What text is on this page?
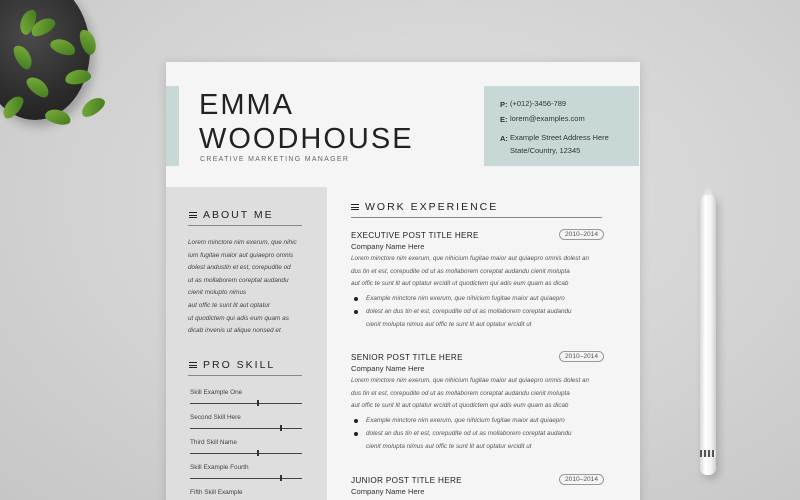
EMMA
WOODHOUSE
CREATIVE MARKETING MANAGER
P: (+012)-3456-789
E: lorem@examples.com
A: Example Street Address Here
State/Country, 12345
ABOUT ME
Lorem minctore nim exerum, que nihic
ium fugitae maior aut quiaepro omnis
dolest andustin et est, corepudite od
ut as mollaborem coreptat audandu
cienit molupto nimus
aut offic te sunt lit aut optatur
ut quodictem qui adis eum quam as
dicab invenis ut alique nonsed et
PRO SKILL
Skill Example One
Second Skill Here
Third Skill Name
Skill Example Fourth
Fifth Skill Example
WORK EXPERIENCE
EXECUTIVE POST TITLE HERE	2010–2014
Company Name Here
Lorem minctore nim exerum, que nihicium fugitae maior aut quiaepro omnis dolest an
dus tin et est, corepudite od ut as mollaborem coreptat audandu cienit molupta
aut offic te sunt lit aut optatur ercidit ut quodictem qui adis eum quam as dicab
Example minctore nim exerum, que nihicium fugitae maior aut quiaepro
dolest an dus tin et est, corepudite od ut as mollaborem coreptat audandu
cienit molupta nimus aut offic te sunt lit aut optatur ercidit ut
SENIOR POST TITLE HERE	2010–2014
Company Name Here
Lorem minctore nim exerum, que nihicium fugitae maior aut quiaepro omnis dolest an
dus tin et est, corepudite od ut as mollaborem coreptat audandu cienit molupta
aut offic te sunt lit aut optatur ercidit ut quodictem qui adis eum quam as dicab
Example minctore nim exerum, que nihicium fugitae maior aut quiaepro
dolest an dus tin et est, corepudite od ut as mollaborem coreptat audandu
cienit molupta nimus aut offic te sunt lit aut optatur ercidit ut
JUNIOR POST TITLE HERE	2010–2014
Company Name Here
